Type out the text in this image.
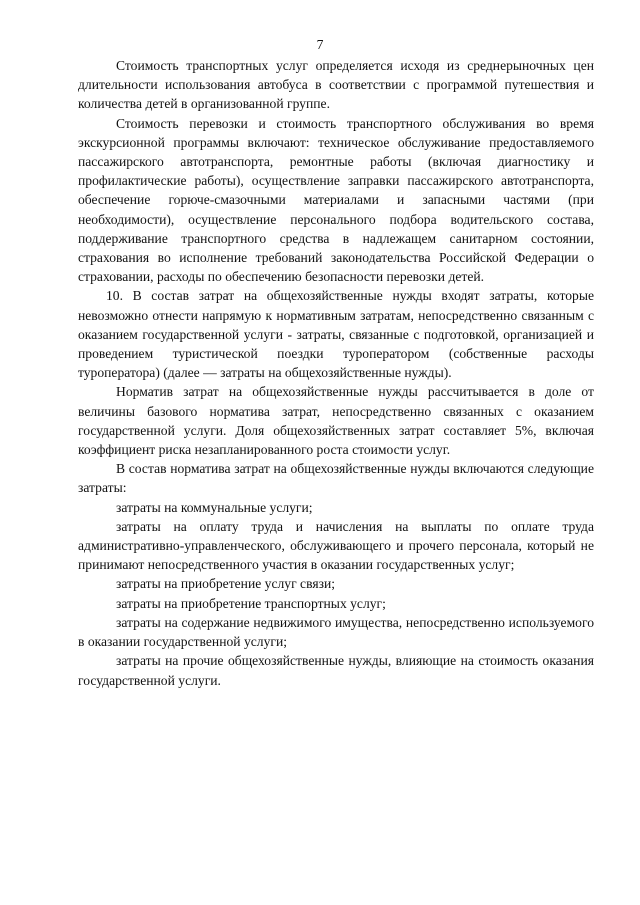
7

Стоимость транспортных услуг определяется исходя из среднерыночных цен длительности использования автобуса в соответствии с программой путешествия и количества детей в организованной группе.

Стоимость перевозки и стоимость транспортного обслуживания во время экскурсионной программы включают: техническое обслуживание предоставляемого пассажирского автотранспорта, ремонтные работы (включая диагностику и профилактические работы), осуществление заправки пассажирского автотранспорта, обеспечение горюче-смазочными материалами и запасными частями (при необходимости), осуществление персонального подбора водительского состава, поддерживание транспортного средства в надлежащем санитарном состоянии, страхования во исполнение требований законодательства Российской Федерации о страховании, расходы по обеспечению безопасности перевозки детей.

10. В состав затрат на общехозяйственные нужды входят затраты, которые невозможно отнести напрямую к нормативным затратам, непосредственно связанным с оказанием государственной услуги - затраты, связанные с подготовкой, организацией и проведением туристической поездки туроператором (собственные расходы туроператора) (далее — затраты на общехозяйственные нужды).

Норматив затрат на общехозяйственные нужды рассчитывается в доле от величины базового норматива затрат, непосредственно связанных с оказанием государственной услуги. Доля общехозяйственных затрат составляет 5%, включая коэффициент риска незапланированного роста стоимости услуг.

В состав норматива затрат на общехозяйственные нужды включаются следующие затраты:

затраты на коммунальные услуги;

затраты на оплату труда и начисления на выплаты по оплате труда административно-управленческого, обслуживающего и прочего персонала, который не принимают непосредственного участия в оказании государственных услуг;

затраты на приобретение услуг связи;

затраты на приобретение транспортных услуг;

затраты на содержание недвижимого имущества, непосредственно используемого в оказании государственной услуги;

затраты на прочие общехозяйственные нужды, влияющие на стоимость оказания государственной услуги.
